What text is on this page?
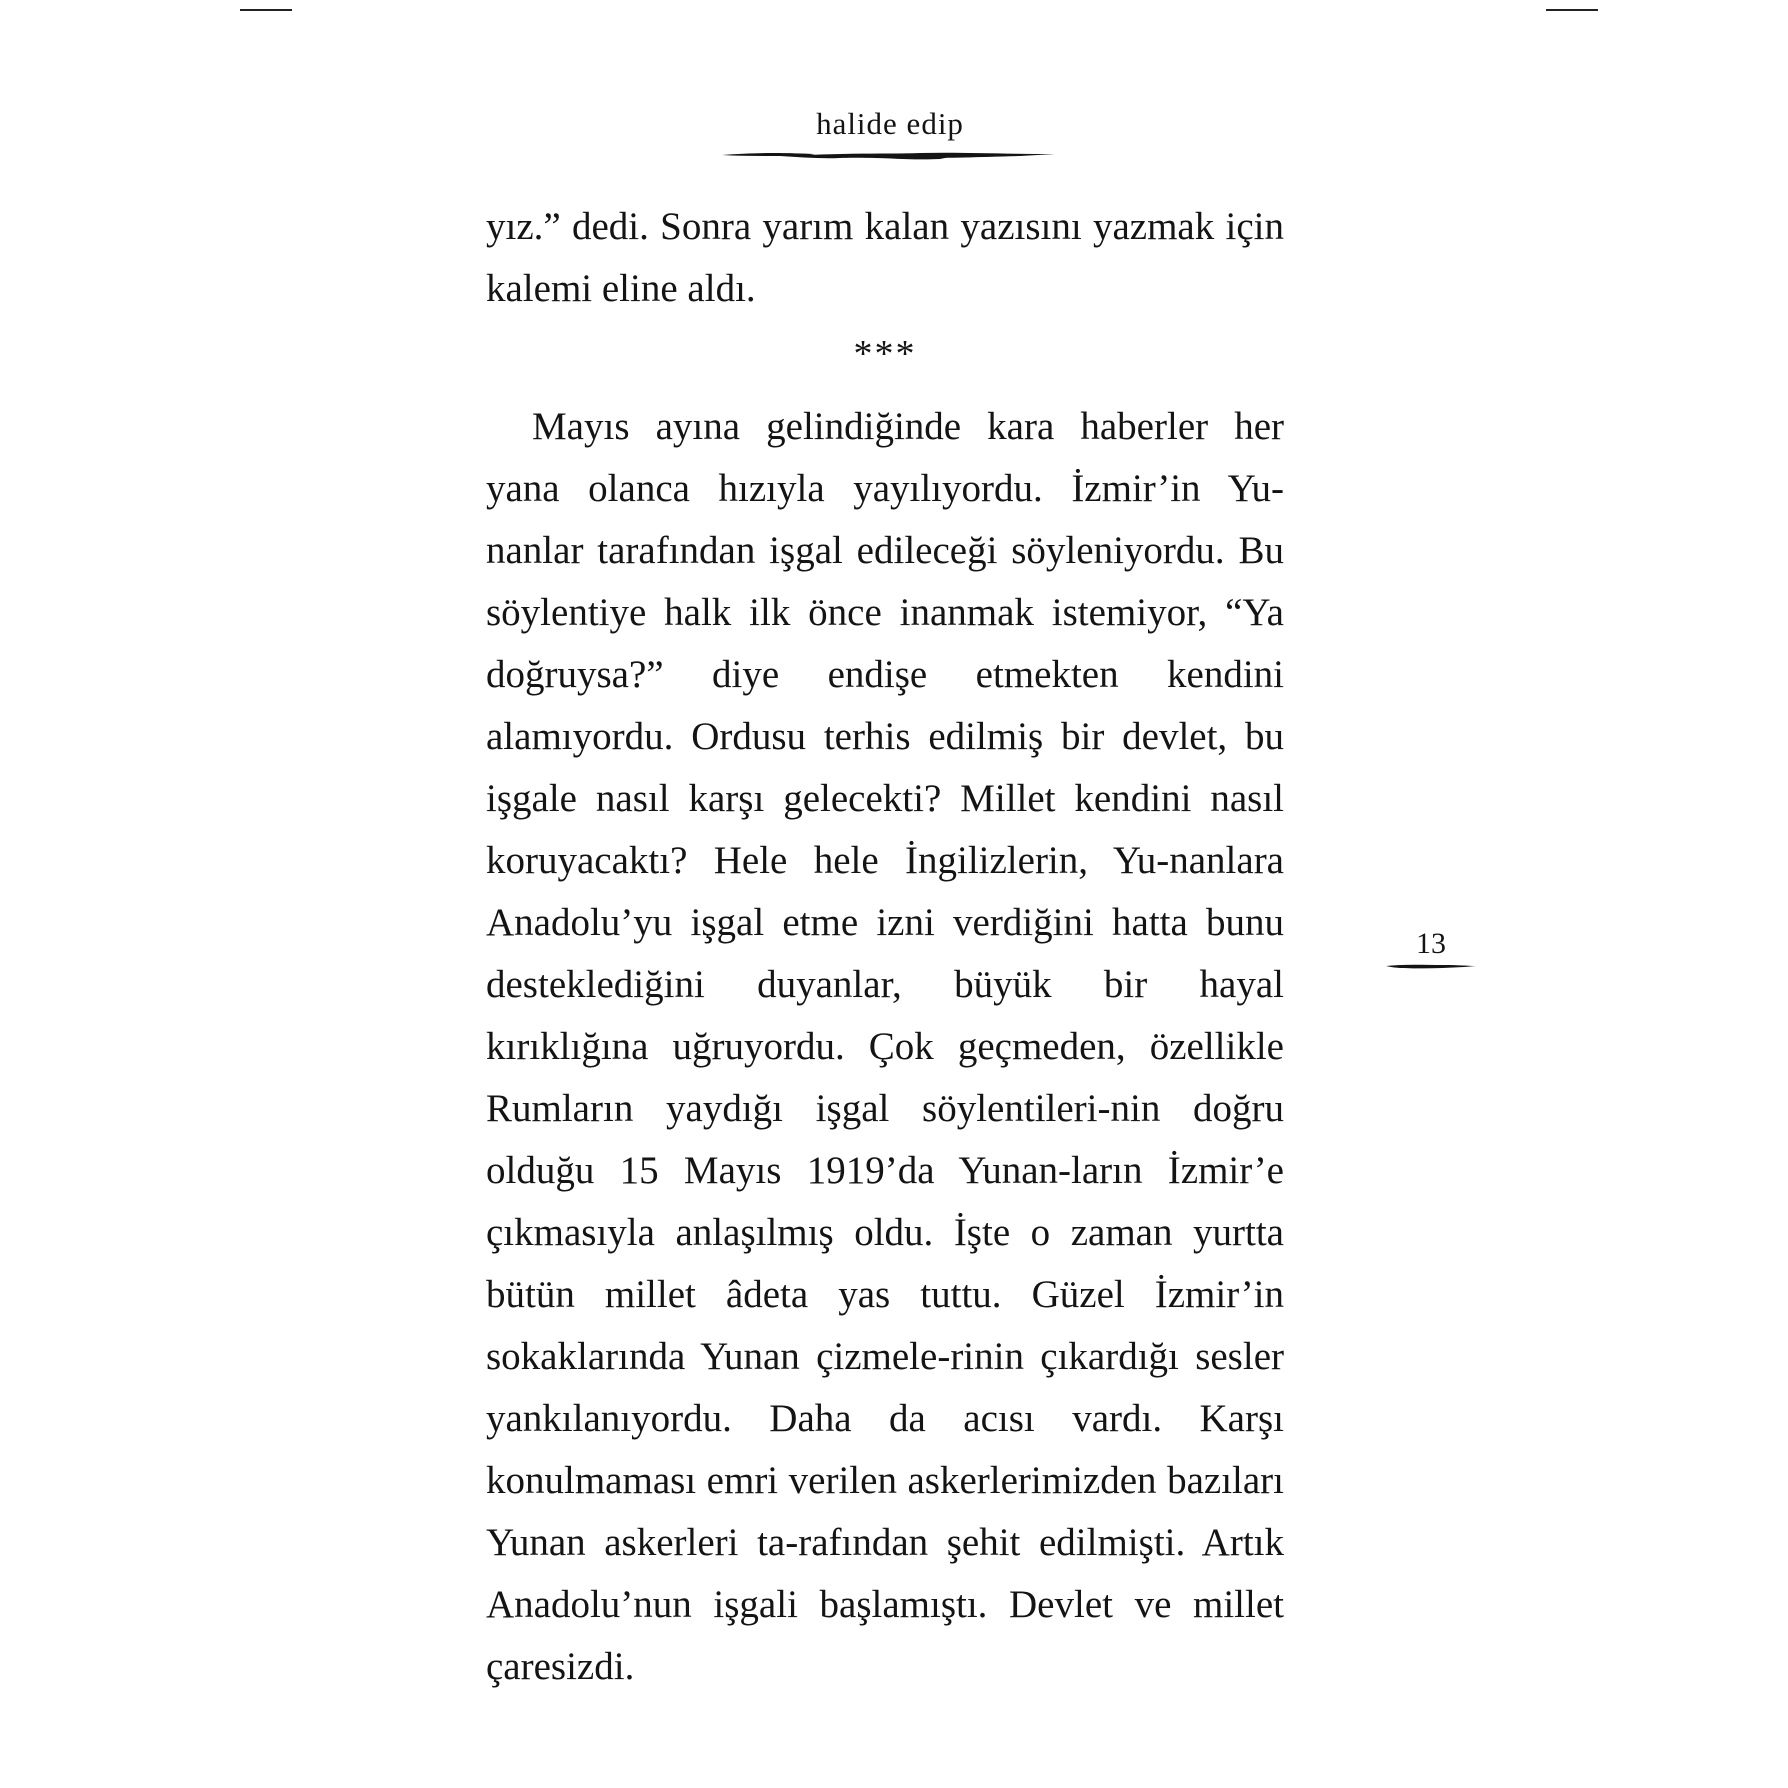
halide edip

yız.” dedi. Sonra yarım kalan yazısını yazmak için kalemi eline aldı.

***

Mayıs ayına gelindiğinde kara haberler her yana olanca hızıyla yayılıyordu. İzmir’in Yu-nanlar tarafından işgal edileceği söyleniyordu. Bu söylentiye halk ilk önce inanmak istemiyor, “Ya doğruysa?” diye endişe etmekten kendini alamıyordu. Ordusu terhis edilmiş bir devlet, bu işgale nasıl karşı gelecekti? Millet kendini nasıl koruyacaktı? Hele hele İngilizlerin, Yu-nanlara Anadolu’yu işgal etme izni verdiğini hatta bunu desteklediğini duyanlar, büyük bir hayal kırıklığına uğruyordu. Çok geçmeden, özellikle Rumların yaydığı işgal söylentileri-nin doğru olduğu 15 Mayıs 1919’da Yunan-ların İzmir’e çıkmasıyla anlaşılmış oldu. İşte o zaman yurtta bütün millet âdeta yas tuttu. Güzel İzmir’in sokaklarında Yunan çizmele-rinin çıkardığı sesler yankılanıyordu. Daha da acısı vardı. Karşı konulmaması emri verilen askerlerimizden bazıları Yunan askerleri ta-rafından şehit edilmişti. Artık Anadolu’nun işgali başlamıştı. Devlet ve millet çaresizdi.

13
